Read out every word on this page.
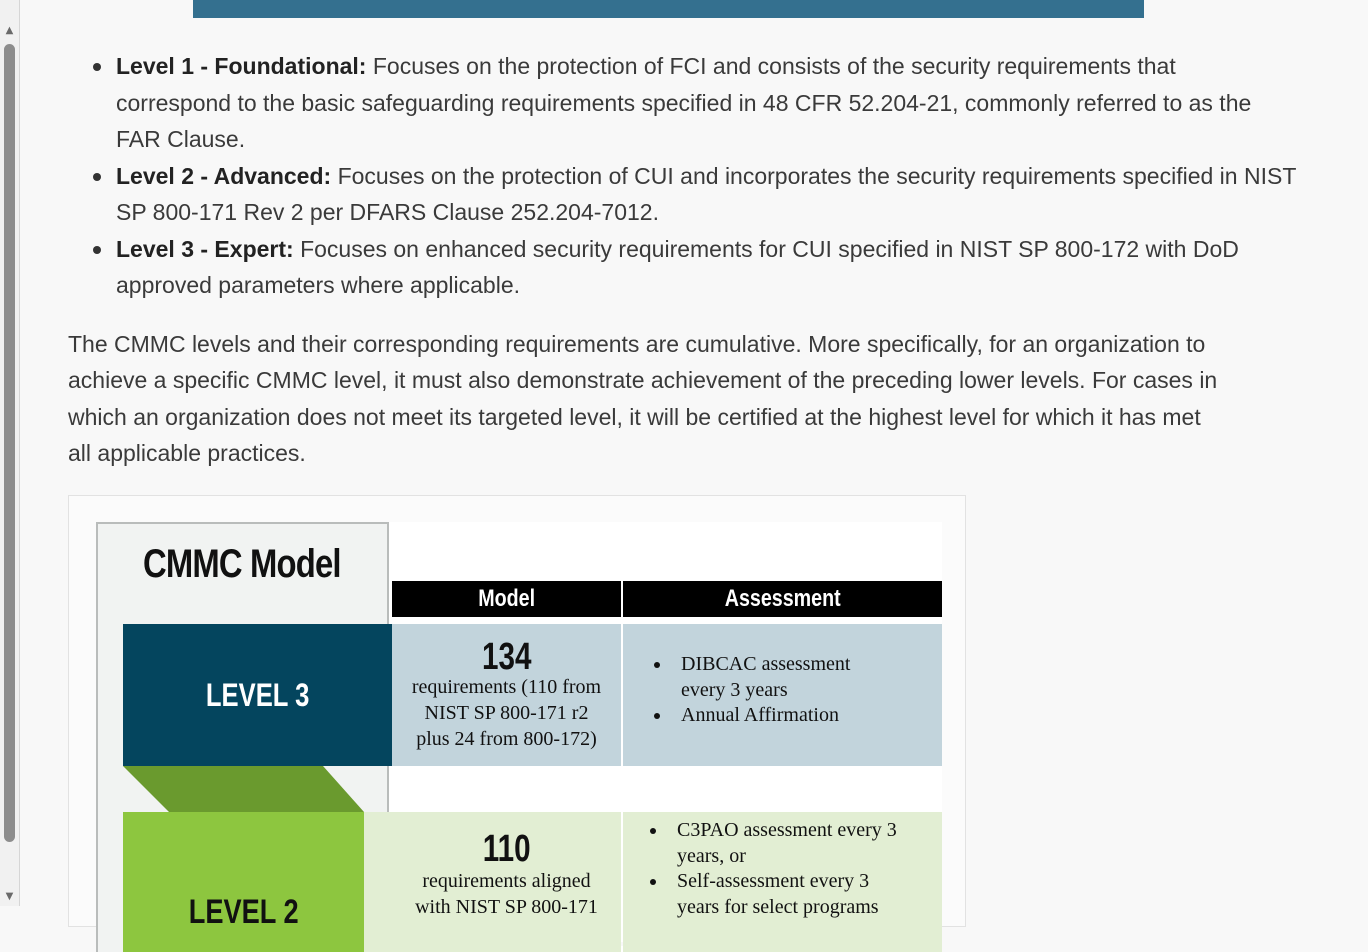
▲
▼
Level 1 - Foundational: Focuses on the protection of FCI and consists of the security requirements that
correspond to the basic safeguarding requirements specified in 48 CFR 52.204-21, commonly referred to as the
FAR Clause.
Level 2 - Advanced: Focuses on the protection of CUI and incorporates the security requirements specified in NIST
SP 800-171 Rev 2 per DFARS Clause 252.204-7012.
Level 3 - Expert: Focuses on enhanced security requirements for CUI specified in NIST SP 800-172 with DoD
approved parameters where applicable.

The CMMC levels and their corresponding requirements are cumulative. More specifically, for an organization to
achieve a specific CMMC level, it must also demonstrate achievement of the preceding lower levels. For cases in
which an organization does not meet its targeted level, it will be certified at the highest level for which it has met
all applicable practices.

CMMC Model
Model	Assessment
LEVEL 3
134
requirements (110 from
NIST SP 800-171 r2
plus 24 from 800-172)
DIBCAC assessment every 3 years
Annual Affirmation
LEVEL 2
110
requirements aligned
with NIST SP 800-171
C3PAO assessment every 3 years, or
Self-assessment every 3 years for select programs
